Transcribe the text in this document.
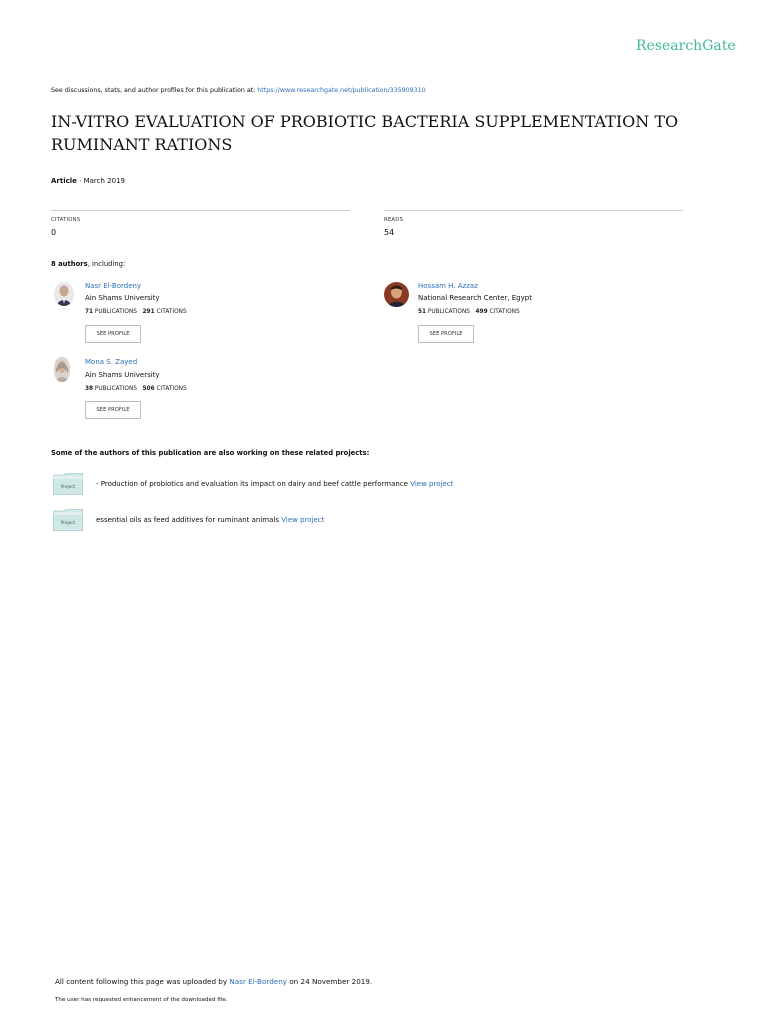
ResearchGate
See discussions, stats, and author profiles for this publication at: https://www.researchgate.net/publication/335909310
IN-VITRO EVALUATION OF PROBIOTIC BACTERIA SUPPLEMENTATION TO RUMINANT RATIONS
Article · March 2019
CITATIONS
0
READS
54
8 authors, including:
Nasr El-Bordeny
Ain Shams University
71 PUBLICATIONS 291 CITATIONS
SEE PROFILE
Hossam H. Azzaz
National Research Center, Egypt
51 PUBLICATIONS 499 CITATIONS
SEE PROFILE
Mona S. Zayed
Ain Shams University
38 PUBLICATIONS 506 CITATIONS
SEE PROFILE
Some of the authors of this publication are also working on these related projects:
Project	- Production of probiotics and evaluation its impact on dairy and beef cattle performance View project
Project	essential oils as feed additives for ruminant animals View project
All content following this page was uploaded by Nasr El-Bordeny on 24 November 2019.
The user has requested enhancement of the downloaded file.
